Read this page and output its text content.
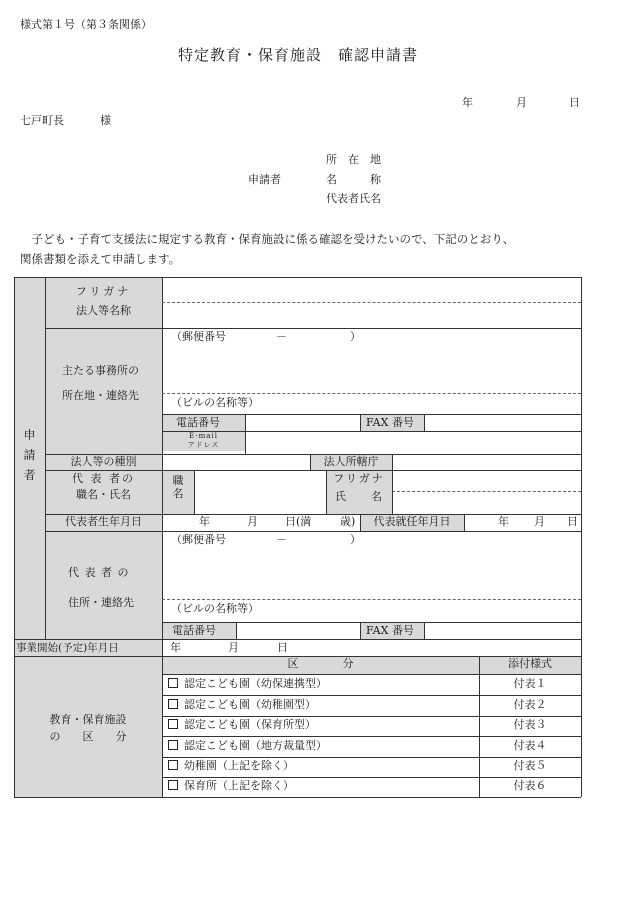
様式第１号（第３条関係）
特定教育・保育施設　確認申請書
年	月	日
七戸町長	様
申請者
所　在　地
名　　　称
代表者氏名

　子ども・子育て支援法に規定する教育・保育施設に係る確認を受けたいので、下記のとおり、

関係書類を添えて申請します。

申
請
者
フリガナ
法人等名称
主たる事務所の
所在地・連絡先
（郵便番号	－	）
（ビルの名称等）
電話番号	FAX 番号
E-mail
アドレス
法人等の種別	法人所轄庁
代 表 者の
職名・氏名
職
名
フリガナ
氏 名
代表者生年月日	年	月 日(満	歳)	代表就任年月日	年 月 日
代 表 者 の
住所・連絡先
（郵便番号	－	）
（ビルの名称等）
電話番号	FAX 番号
事業開始(予定)年月日	年	月	日
教育・保育施設
の　　区　　分
区　　　　分	添付様式
認定こども園（幼保連携型）	付表１
認定こども園（幼稚園型）	付表２
認定こども園（保育所型）	付表３
認定こども園（地方裁量型）	付表４
幼稚園（上記を除く）	付表５
保育所（上記を除く）	付表６
